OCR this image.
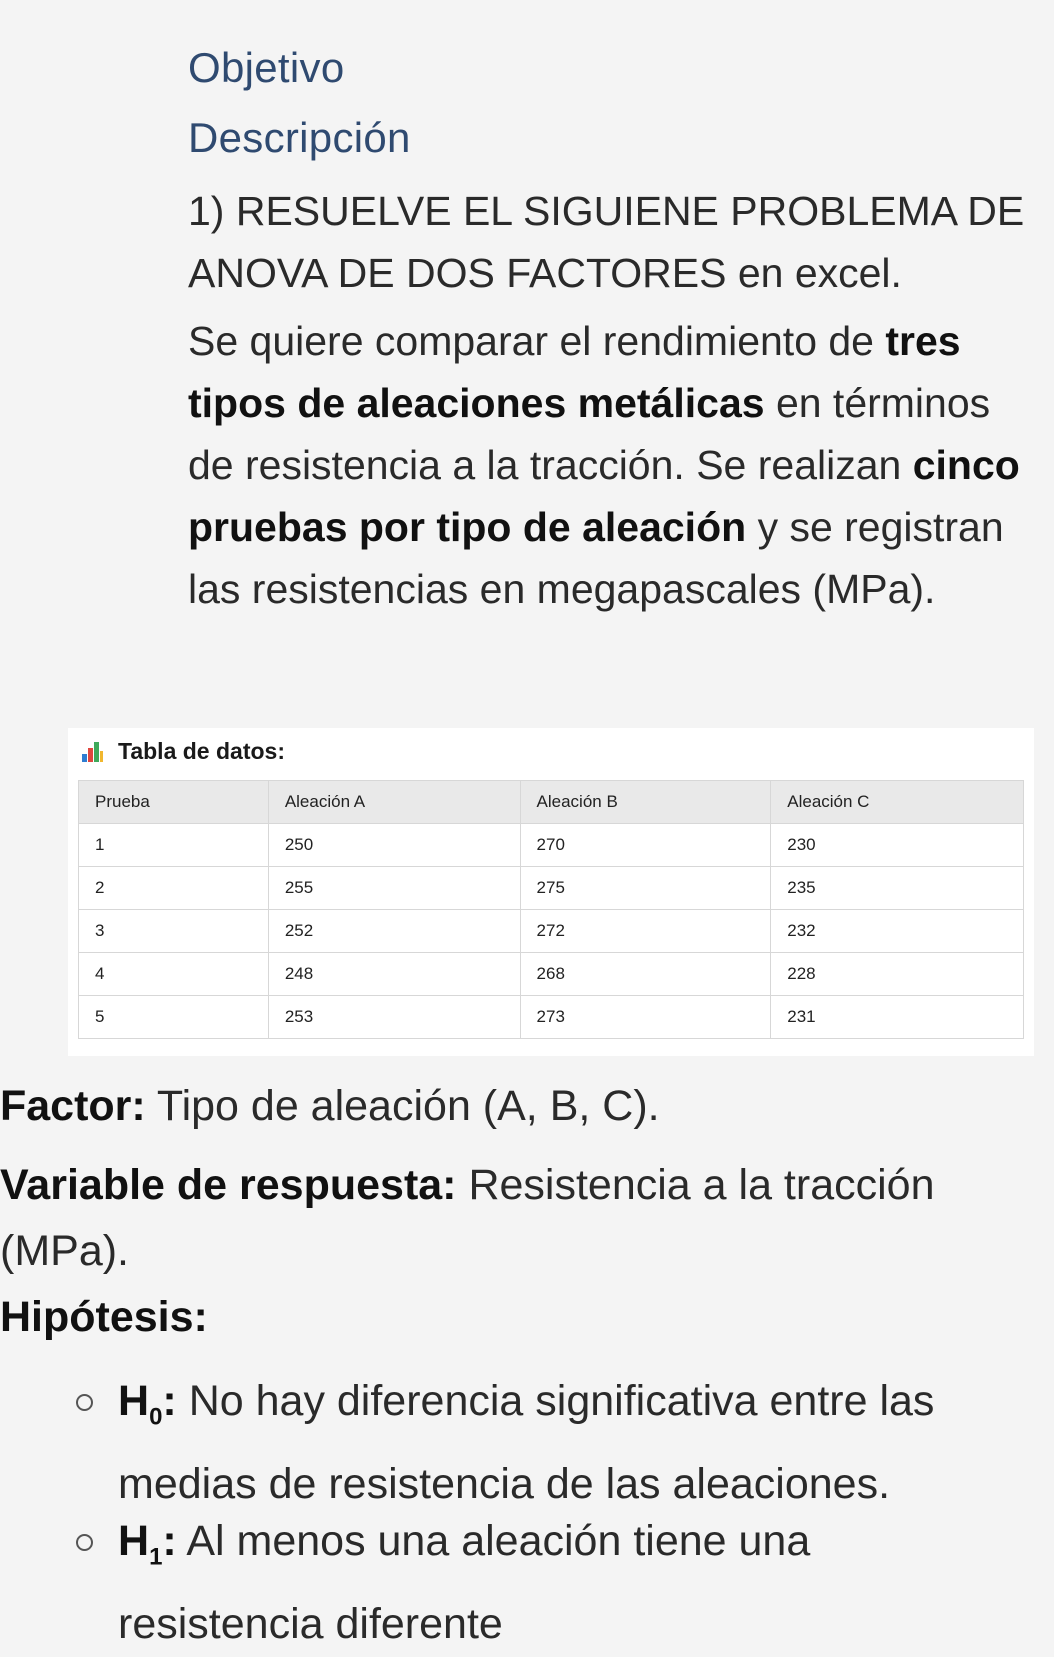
Objetivo
Descripción
1) RESUELVE EL SIGUIENE PROBLEMA DE ANOVA DE DOS FACTORES en excel.
Se quiere comparar el rendimiento de tres tipos de aleaciones metálicas en términos de resistencia a la tracción. Se realizan cinco pruebas por tipo de aleación y se registran las resistencias en megapascales (MPa).
Tabla de datos:
Prueba	Aleación A	Aleación B	Aleación C
1	250	270	230
2	255	275	235
3	252	272	232
4	248	268	228
5	253	273	231
Factor: Tipo de aleación (A, B, C).
Variable de respuesta: Resistencia a la tracción (MPa).
Hipótesis:
$H_0$: No hay diferencia significativa entre las medias de resistencia de las aleaciones.
$H_1$: Al menos una aleación tiene una resistencia diferente
